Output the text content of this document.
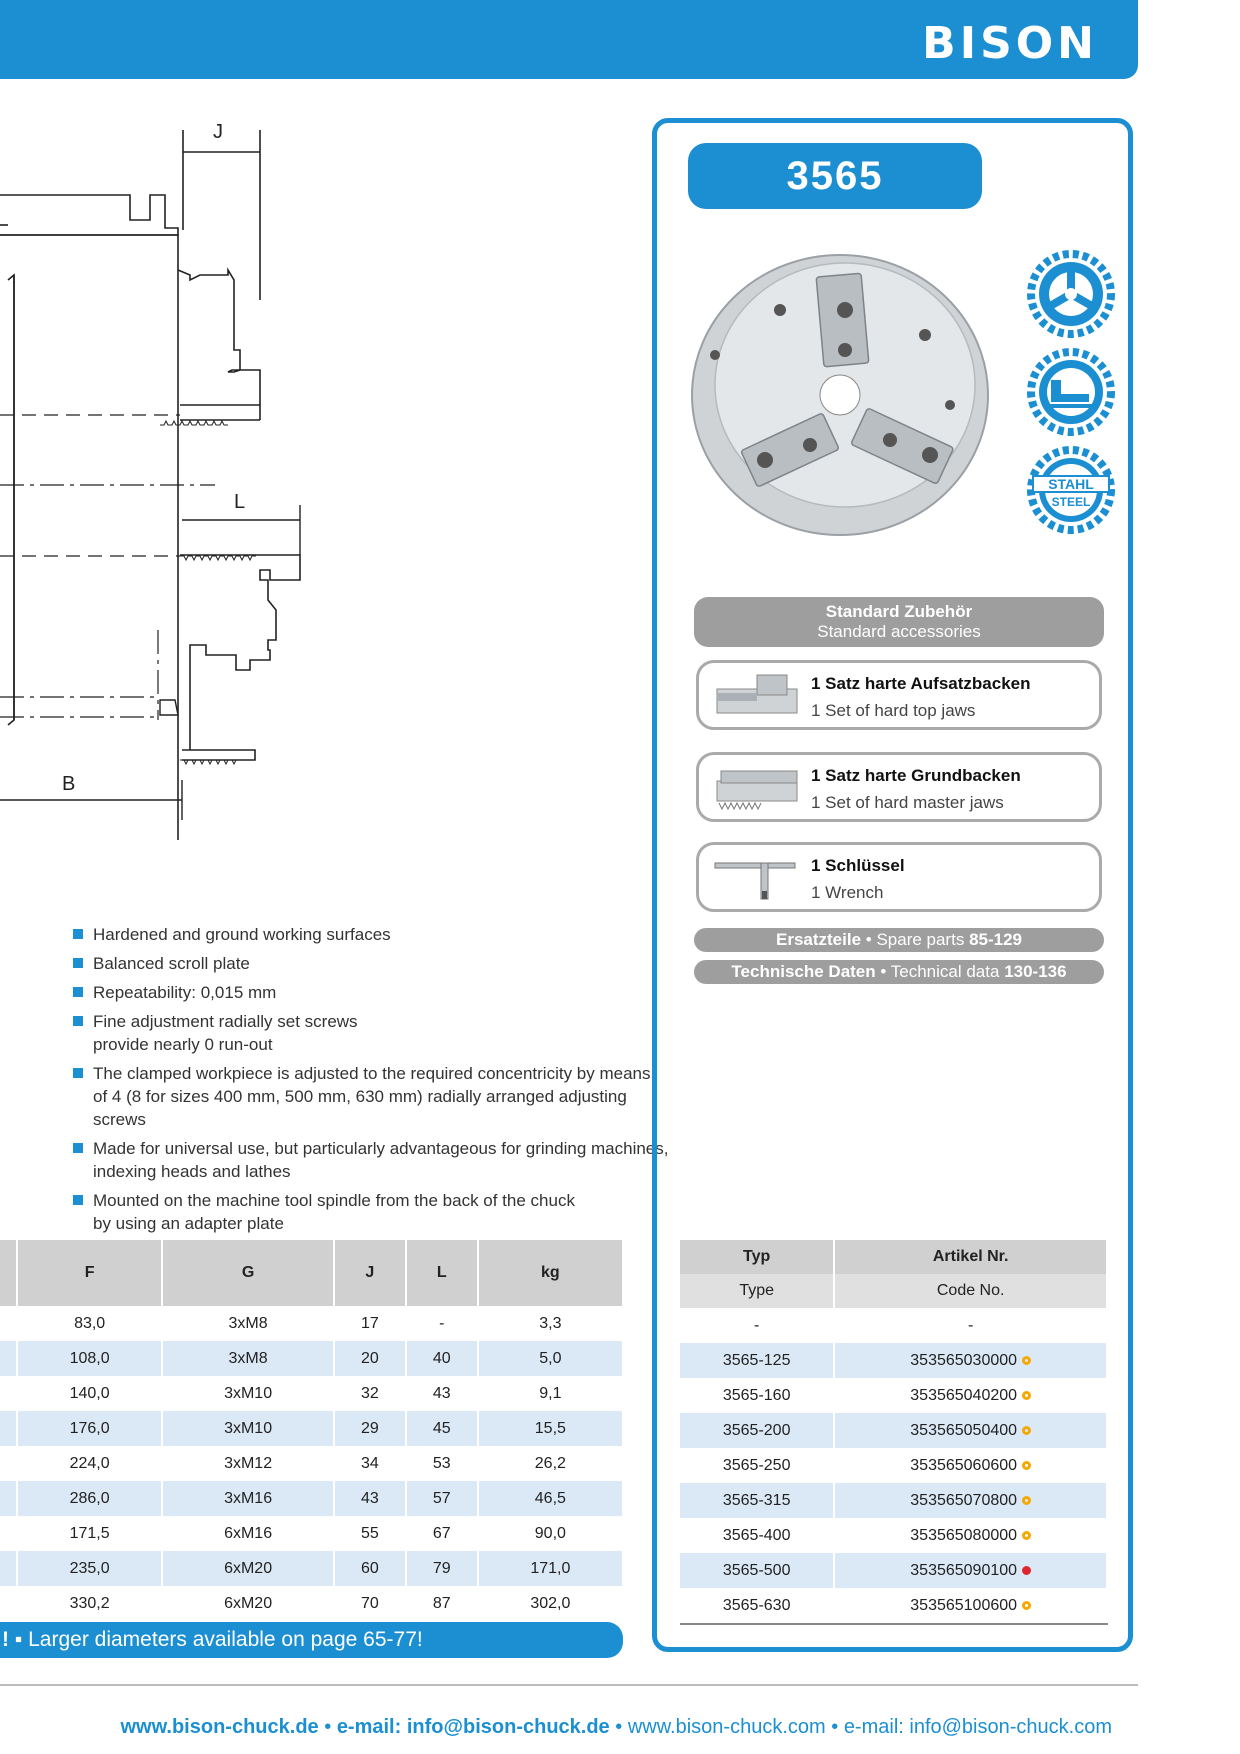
BISON
J
L
B
Hardened and ground working surfaces
Balanced scroll plate
Repeatability: 0,015 mm
Fine adjustment radially set screws
provide nearly 0 run-out
The clamped workpiece is adjusted to the required concentricity by means
of 4 (8 for sizes 400 mm, 500 mm, 630 mm) radially arranged adjusting screws
Made for universal use, but particularly advantageous for grinding machines,
indexing heads and lathes
Mounted on the machine tool spindle from the back of the chuck
by using an adapter plate
3565
STAHL
STEEL
Standard Zubehör
Standard accessories
1 Satz harte Aufsatzbacken
1 Set of hard top jaws
1 Satz harte Grundbacken
1 Set of hard master jaws
1 Schlüssel
1 Wrench
Ersatzteile • Spare parts 85-129
Technische Daten • Technical data 130-136
	F	G	J	L	kg
	83,0	3xM8	17	-	3,3
	108,0	3xM8	20	40	5,0
	140,0	3xM10	32	43	9,1
	176,0	3xM10	29	45	15,5
	224,0	3xM12	34	53	26,2
	286,0	3xM16	43	57	46,5
	171,5	6xM16	55	67	90,0
	235,0	6xM20	60	79	171,0
	330,2	6xM20	70	87	302,0
Typ	Artikel Nr.
Type	Code No.
-	-
3565-125	353565030000
3565-160	353565040200
3565-200	353565050400
3565-250	353565060600
3565-315	353565070800
3565-400	353565080000
3565-500	353565090100
3565-630	353565100600
! ▪ Larger diameters available on page 65-77!
www.bison-chuck.de • e-mail: info@bison-chuck.de • www.bison-chuck.com • e-mail: info@bison-chuck.com
